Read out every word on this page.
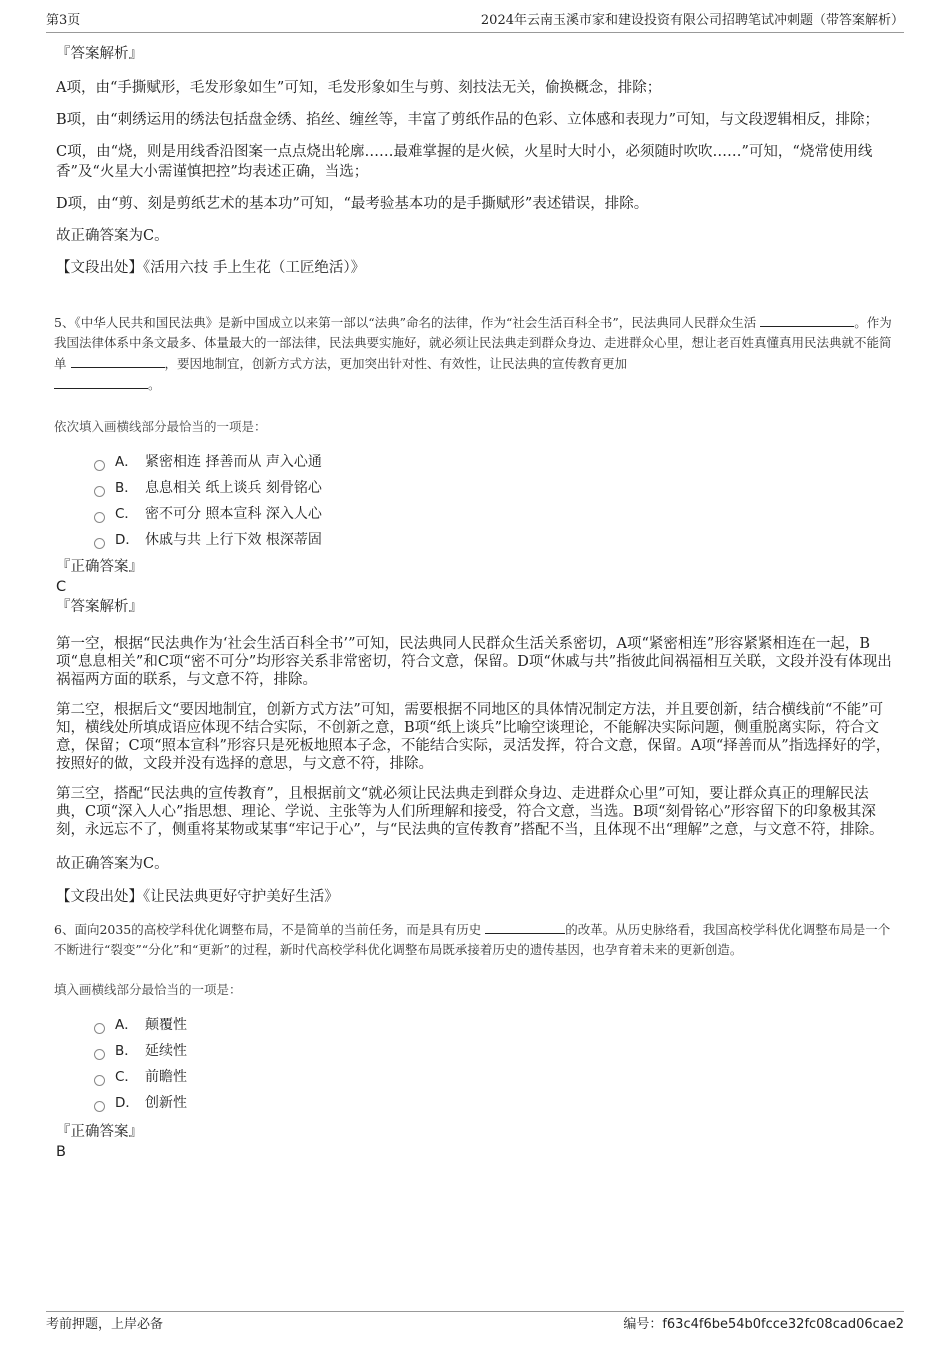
第3页	2024年云南玉溪市家和建设投资有限公司招聘笔试冲刺题（带答案解析）

『答案解析』

A项，由“手撕赋形，毛发形象如生”可知，毛发形象如生与剪、刻技法无关，偷换概念，排除；

B项，由“刺绣运用的绣法包括盘金绣、掐丝、缠丝等，丰富了剪纸作品的色彩、立体感和表现力”可知，与文段逻辑相反，排除；

C项，由“烧，则是用线香沿图案一点点烧出轮廓……最难掌握的是火候，火星时大时小，必须随时吹吹……”可知，“烧常使用线香”及“火星大小需谨慎把控”均表述正确，当选；

D项，由“剪、刻是剪纸艺术的基本功”可知，“最考验基本功的是手撕赋形”表述错误，排除。

故正确答案为C。

【文段出处】《活用六技 手上生花（工匠绝活）》

5、《中华人民共和国民法典》是新中国成立以来第一部以“法典”命名的法律，作为“社会生活百科全书”，民法典同人民群众生活	。作为我国法律体系中条文最多、体量最大的一部法律，民法典要实施好，就必须让民法典走到群众身边、走进群众心里，想让老百姓真懂真用民法典就不能简单	，要因地制宜，创新方式方法，更加突出针对性、有效性，让民法典的宣传教育更加
。

依次填入画横线部分最恰当的一项是：

A． 紧密相连 择善而从 声入心通
B． 息息相关 纸上谈兵 刻骨铭心
C． 密不可分 照本宣科 深入人心
D． 休戚与共 上行下效 根深蒂固

『正确答案』

C

『答案解析』

第一空，根据“民法典作为‘社会生活百科全书’”可知，民法典同人民群众生活关系密切，A项“紧密相连”形容紧紧相连在一起，B项“息息相关”和C项“密不可分”均形容关系非常密切，符合文意，保留。D项“休戚与共”指彼此间祸福相互关联，文段并没有体现出祸福两方面的联系，与文意不符，排除。

第二空，根据后文“要因地制宜，创新方式方法”可知，需要根据不同地区的具体情况制定方法，并且要创新，结合横线前“不能”可知，横线处所填成语应体现不结合实际，不创新之意，B项“纸上谈兵”比喻空谈理论，不能解决实际问题，侧重脱离实际，符合文意，保留；C项“照本宣科”形容只是死板地照本子念，不能结合实际，灵活发挥，符合文意，保留。A项“择善而从”指选择好的学，按照好的做，文段并没有选择的意思，与文意不符，排除。

第三空，搭配“民法典的宣传教育”，且根据前文“就必须让民法典走到群众身边、走进群众心里”可知，要让群众真正的理解民法典，C项“深入人心”指思想、理论、学说、主张等为人们所理解和接受，符合文意，当选。B项“刻骨铭心”形容留下的印象极其深刻，永远忘不了，侧重将某物或某事“牢记于心”，与“民法典的宣传教育”搭配不当，且体现不出“理解”之意，与文意不符，排除。

故正确答案为C。

【文段出处】《让民法典更好守护美好生活》

6、面向2035的高校学科优化调整布局，不是简单的当前任务，而是具有历史	的改革。从历史脉络看，我国高校学科优化调整布局是一个不断进行“裂变”“分化”和“更新”的过程，新时代高校学科优化调整布局既承接着历史的遗传基因，也孕育着未来的更新创造。

填入画横线部分最恰当的一项是：

A． 颠覆性
B． 延续性
C． 前瞻性
D． 创新性

『正确答案』

B

考前押题，上岸必备	编号：f63c4f6be54b0fcce32fc08cad06cae2
